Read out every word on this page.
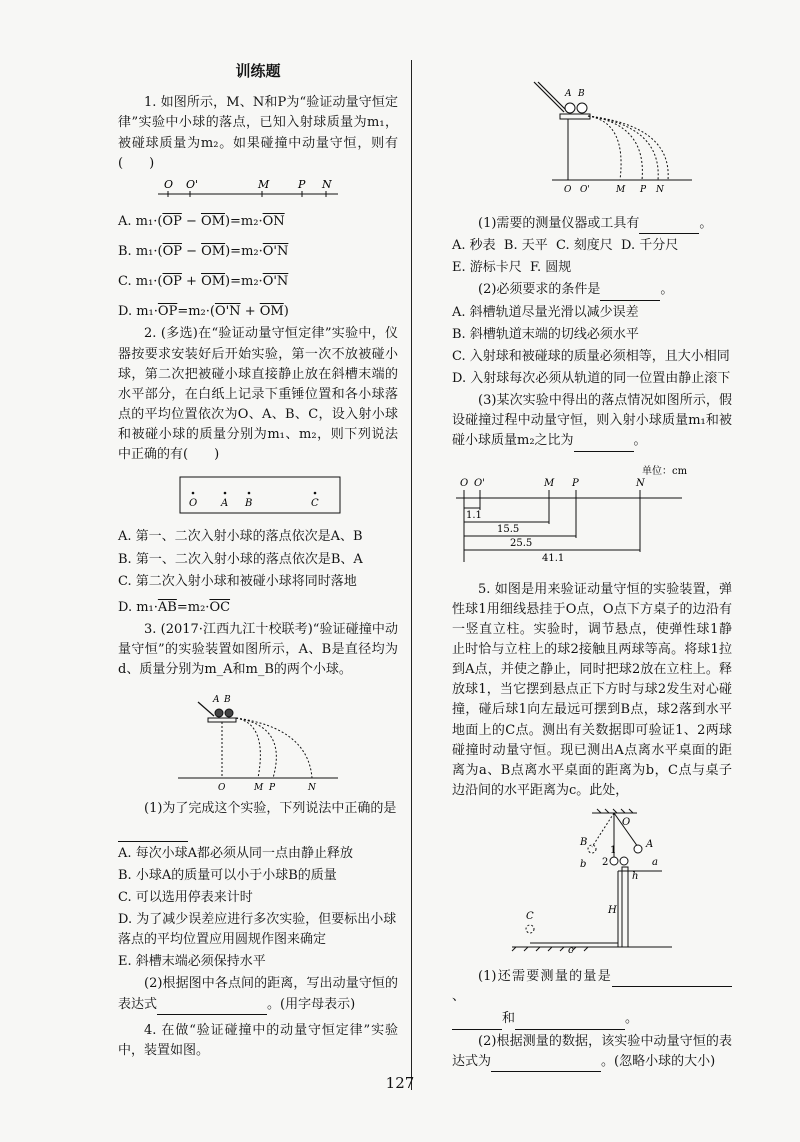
训练题

1. 如图所示，M、N和P为“验证动量守恒定律”实验中小球的落点，已知入射球质量为m₁，被碰球质量为m₂。如果碰撞中动量守恒，则有(　　)

O O'	M	P N
A. $m_1\cdot(\overline{OP} - \overline{OM})=m_2\cdot\overline{ON}$
B. $m_1\cdot(\overline{OP} - \overline{OM})=m_2\cdot O'N$
C. $m_1\cdot(\overline{OP} + \overline{OM})=m_2\cdot O'N$
D. $m_1\cdot\overline{OP}=m_2\cdot(O'N + \overline{OM})$

2. (多选)在“验证动量守恒定律”实验中，仪器按要求安装好后开始实验，第一次不放被碰小球，第二次把被碰小球直接静止放在斜槽末端的水平部分，在白纸上记录下重锤位置和各小球落点的平均位置依次为O、A、B、C，设入射小球和被碰小球的质量分别为m₁、m₂，则下列说法中正确的有(　　)

O A B	C
A. 第一、二次入射小球的落点依次是A、B
B. 第一、二次入射小球的落点依次是B、A
C. 第二次入射小球和被碰小球将同时落地
D. $m_1\cdot\overline{AB}=m_2\cdot\overline{OC}$

3. (2017·江西九江十校联考)“验证碰撞中动量守恒”的实验装置如图所示，A、B是直径均为d、质量分别为m_A和m_B的两个小球。

A B
O	M P	N

(1)为了完成这个实验，下列说法中正确的是

A. 每次小球A都必须从同一点由静止释放
B. 小球A的质量可以小于小球B的质量
C. 可以选用停表来计时
D. 为了减少误差应进行多次实验，但要标出小球落点的平均位置应用圆规作图来确定
E. 斜槽末端必须保持水平

(2)根据图中各点间的距离，写出动量守恒的表达式	。(用字母表示)

4. 在做“验证碰撞中的动量守恒定律”实验中，装置如图。

A B
O O'	M P N

(1)需要的测量仪器或工具有	。

A. 秒表 B. 天平 C. 刻度尺 D. 千分尺
E. 游标卡尺 F. 圆规

(2)必须要求的条件是	。

A. 斜槽轨道尽量光滑以减少误差
B. 斜槽轨道末端的切线必须水平
C. 入射球和被碰球的质量必须相等，且大小相同
D. 入射球每次必须从轨道的同一位置由静止滚下

(3)某次实验中得出的落点情况如图所示，假设碰撞过程中动量守恒，则入射小球质量m₁和被碰小球质量m₂之比为	。

单位：cm
O O'	M P	N
1.1
15.5
25.5
41.1

5. 如图是用来验证动量守恒的实验装置，弹性球1用细线悬挂于O点，O点下方桌子的边沿有一竖直立柱。实验时，调节悬点，使弹性球1静止时恰与立柱上的球2接触且两球等高。将球1拉到A点，并使之静止，同时把球2放在立柱上。释放球1，当它摆到悬点正下方时与球2发生对心碰撞，碰后球1向左最远可摆到B点，球2落到水平地面上的C点。测出有关数据即可验证1、2两球碰撞时动量守恒。现已测出A点离水平桌面的距离为a、B点离水平桌面的距离为b，C点与桌子边沿间的水平距离为c。此处，

O
A
B
1
2	a
b
h
H
C
c

(1)还需要测量的量是、

和	。

(2)根据测量的数据，该实验中动量守恒的表达式为	。(忽略小球的大小)

127
